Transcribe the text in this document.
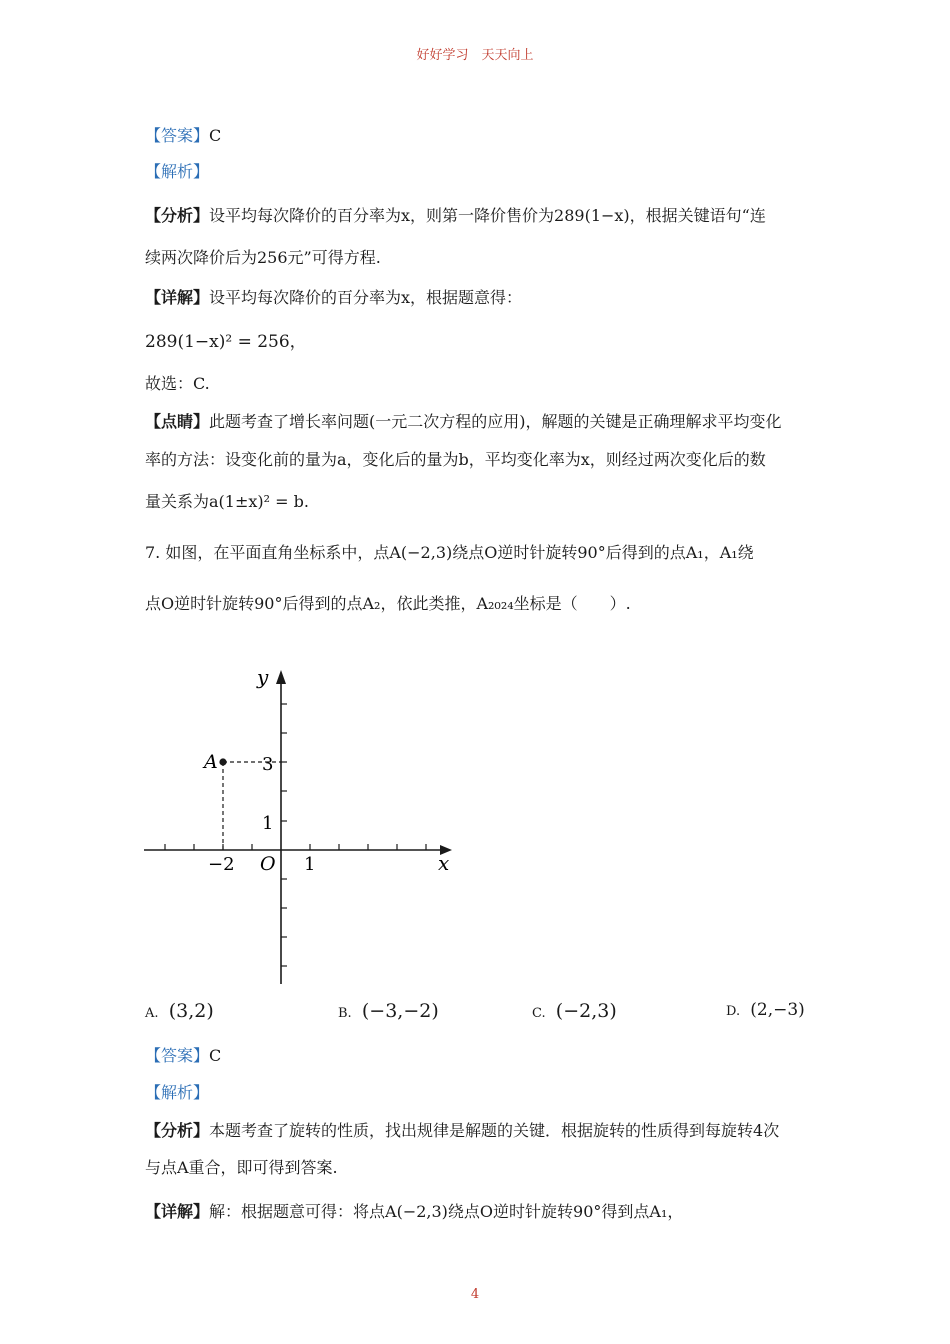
好好学习　天天向上
【答案】C
【解析】
【分析】设平均每次降价的百分率为x，则第一降价售价为289(1−x)，根据关键语句“连
续两次降价后为256元”可得方程.
【详解】设平均每次降价的百分率为x，根据题意得：
289(1−x)² = 256，
故选：C.
【点睛】此题考查了增长率问题(一元二次方程的应用)，解题的关键是正确理解求平均变化
率的方法：设变化前的量为a，变化后的量为b，平均变化率为x，则经过两次变化后的数
量关系为a(1±x)² = b.
7. 如图，在平面直角坐标系中，点A(−2,3)绕点O逆时针旋转90°后得到的点A₁，A₁绕
点O逆时针旋转90°后得到的点A₂，依此类推，A₂₀₂₄坐标是（　　）.
y
x
O
A 3
1
−2	1
A. (3,2)	B. (−3,−2)	C. (−2,3)	D. (2,−3)
【答案】C
【解析】
【分析】本题考查了旋转的性质，找出规律是解题的关键．根据旋转的性质得到每旋转4次
与点A重合，即可得到答案.
【详解】解：根据题意可得：将点A(−2,3)绕点O逆时针旋转90°得到点A₁，
4
